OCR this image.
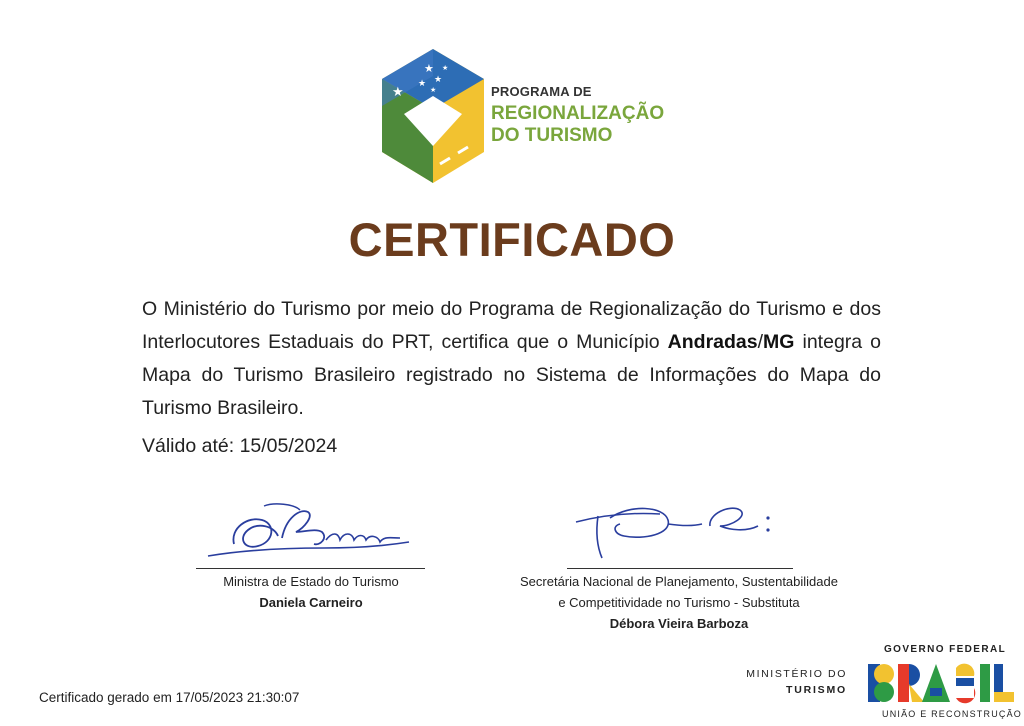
★
★
★
★
★
★	PROGRAMA DE
REGIONALIZAÇÃO
DO TURISMO
CERTIFICADO
O Ministério do Turismo por meio do Programa de Regionalização do Turismo e dos Interlocutores Estaduais do PRT, certifica que o Município Andradas/MG integra o Mapa do Turismo Brasileiro registrado no Sistema de Informações do Mapa do Turismo Brasileiro.
Válido até: 15/05/2024
Ministra de Estado do Turismo
Daniela Carneiro
Secretária Nacional de Planejamento, Sustentabilidade
e Competitividade no Turismo - Substituta
Débora Vieira Barboza
Certificado gerado em 17/05/2023 21:30:07
MINISTÉRIO DO
TURISMO
GOVERNO FEDERAL
UNIÃO E RECONSTRUÇÃO
